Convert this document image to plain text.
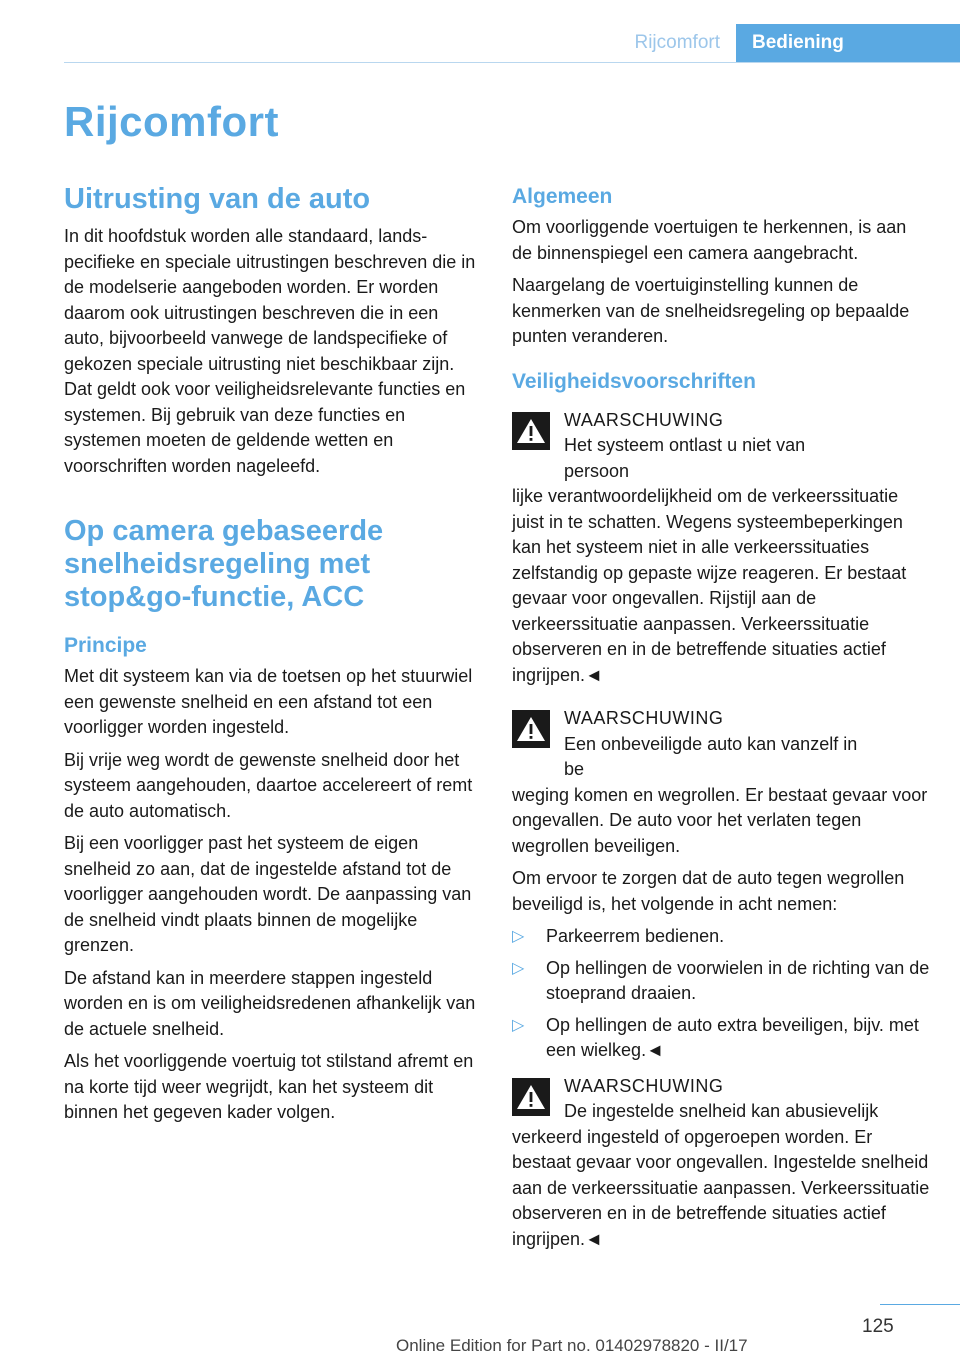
Rijcomfort	Bediening
Rijcomfort
Uitrusting van de auto

In dit hoofdstuk worden alle standaard, landspecifieke en speciale uitrustingen beschreven die in de modelserie aangeboden worden. Er worden daarom ook uitrustingen beschreven die in een auto, bijvoorbeeld vanwege de landspecifieke of gekozen speciale uitrusting niet beschikbaar zijn. Dat geldt ook voor veiligheidsrelevante functies en systemen. Bij gebruik van deze functies en systemen moeten de geldende wetten en voorschriften worden nageleefd.

Op camera gebaseerde snelheidsregeling met stop&go-functie, ACC
Principe

Met dit systeem kan via de toetsen op het stuurwiel een gewenste snelheid en een afstand tot een voorligger worden ingesteld.

Bij vrije weg wordt de gewenste snelheid door het systeem aangehouden, daartoe accelereert of remt de auto automatisch.

Bij een voorligger past het systeem de eigen snelheid zo aan, dat de ingestelde afstand tot de voorligger aangehouden wordt. De aanpassing van de snelheid vindt plaats binnen de mogelijke grenzen.

De afstand kan in meerdere stappen ingesteld worden en is om veiligheidsredenen afhankelijk van de actuele snelheid.

Als het voorliggende voertuig tot stilstand afremt en na korte tijd weer wegrijdt, kan het systeem dit binnen het gegeven kader volgen.

Algemeen

Om voorliggende voertuigen te herkennen, is aan de binnenspiegel een camera aangebracht.

Naargelang de voertuiginstelling kunnen de kenmerken van de snelheidsregeling op bepaalde punten veranderen.

Veiligheidsvoorschriften
WAARSCHUWING
Het systeem ontlast u niet van persoon

lijke verantwoordelijkheid om de verkeerssituatie juist in te schatten. Wegens systeembeperkingen kan het systeem niet in alle verkeerssituaties zelfstandig op gepaste wijze reageren. Er bestaat gevaar voor ongevallen. Rijstijl aan de verkeerssituatie aanpassen. Verkeerssituatie observeren en in de betreffende situaties actief ingrijpen.◄

WAARSCHUWING
Een onbeveiligde auto kan vanzelf in be

weging komen en wegrollen. Er bestaat gevaar voor ongevallen. De auto voor het verlaten tegen wegrollen beveiligen.

Om ervoor te zorgen dat de auto tegen wegrollen beveiligd is, het volgende in acht nemen:

▷	Parkeerrem bedienen.
▷	Op hellingen de voorwielen in de richting van de stoeprand draaien.
▷	Op hellingen de auto extra beveiligen, bijv. met een wielkeg.◄
WAARSCHUWING
De ingestelde snelheid kan abusievelijk

verkeerd ingesteld of opgeroepen worden. Er bestaat gevaar voor ongevallen. Ingestelde snelheid aan de verkeerssituatie aanpassen. Verkeerssituatie observeren en in de betreffende situaties actief ingrijpen.◄

125
Online Edition for Part no. 01402978820 - II/17
